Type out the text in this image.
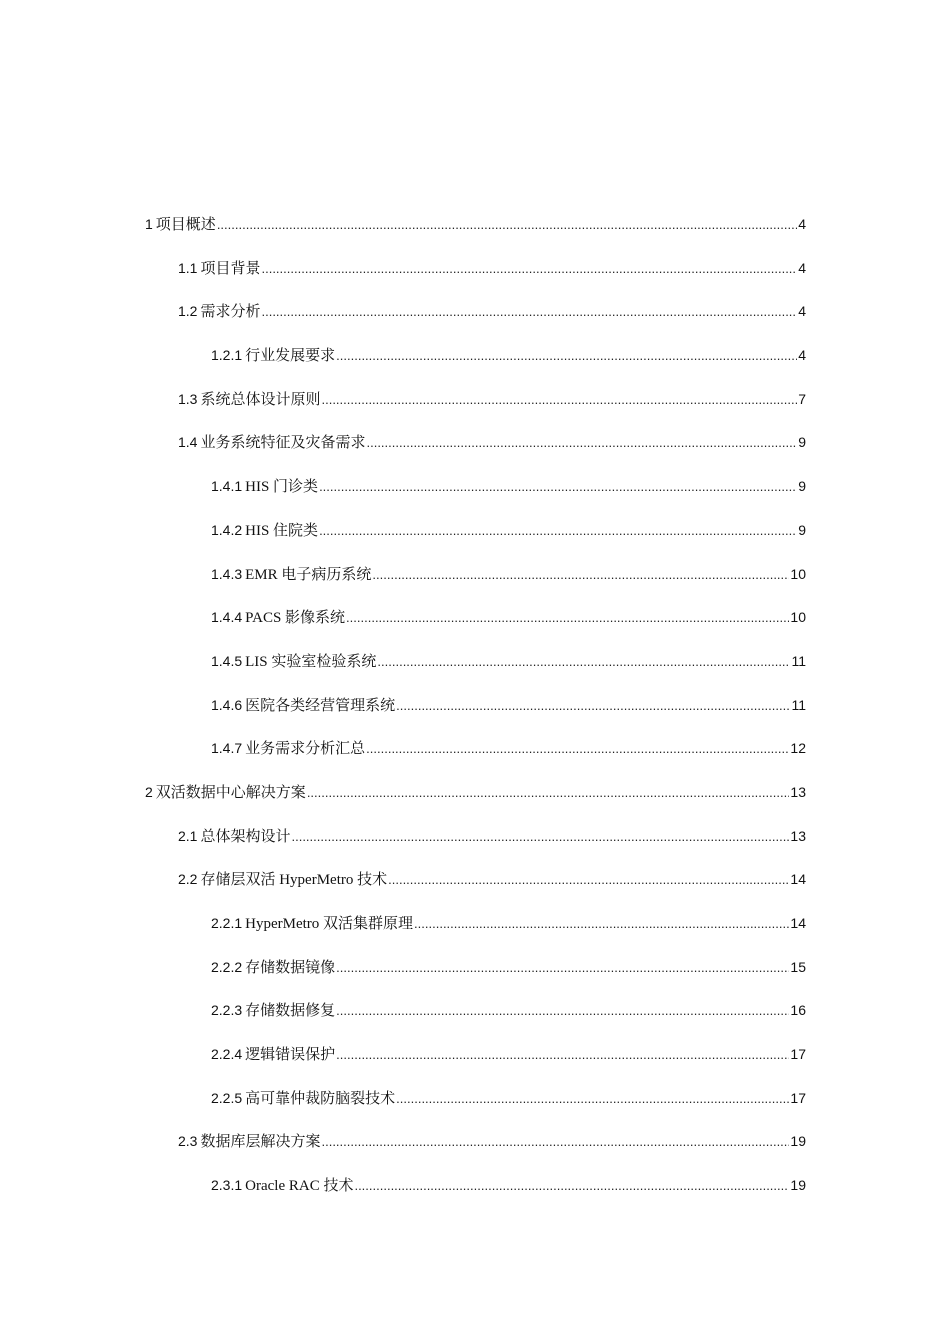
1 项目概述 .....	4
1.1 项目背景 .....	4
1.2 需求分析 .....	4
1.2.1 行业发展要求 .....	4
1.3 系统总体设计原则 .....	7
1.4 业务系统特征及灾备需求 .....	9
1.4.1 HIS 门诊类 .....	9
1.4.2 HIS 住院类 .....	9
1.4.3 EMR 电子病历系统 .....	10
1.4.4 PACS 影像系统 .....	10
1.4.5 LIS 实验室检验系统 .....	11
1.4.6 医院各类经营管理系统 .....	11
1.4.7 业务需求分析汇总 .....	12
2 双活数据中心解决方案 .....	13
2.1 总体架构设计 .....	13
2.2 存储层双活 HyperMetro 技术 .....	14
2.2.1 HyperMetro 双活集群原理 .....	14
2.2.2 存储数据镜像 .....	15
2.2.3 存储数据修复 .....	16
2.2.4 逻辑错误保护 .....	17
2.2.5 高可靠仲裁防脑裂技术 .....	17
2.3 数据库层解决方案 .....	19
2.3.1 Oracle RAC 技术 .....	19
